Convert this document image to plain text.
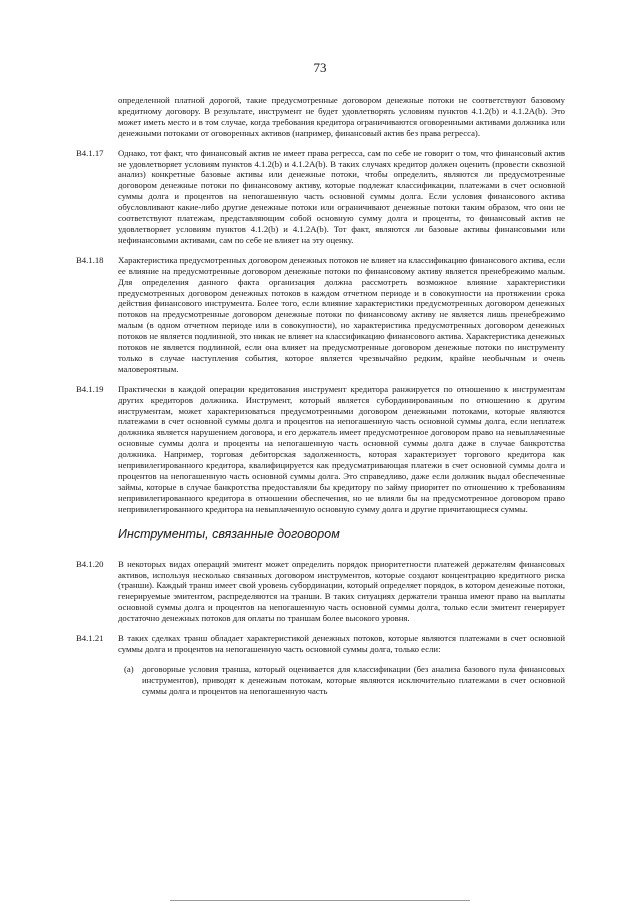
73
определенной платной дорогой, такие предусмотренные договором денежные потоки не соответствуют базовому кредитному договору. В результате, инструмент не будет удовлетворять условиям пунктов 4.1.2(b) и 4.1.2A(b). Это может иметь место и в том случае, когда требования кредитора ограничиваются оговоренными активами должника или денежными потоками от оговоренных активов (например, финансовый актив без права регресса).
B4.1.17	Однако, тот факт, что финансовый актив не имеет права регресса, сам по себе не говорит о том, что финансовый актив не удовлетворяет условиям пунктов 4.1.2(b) и 4.1.2A(b). В таких случаях кредитор должен оценить (провести сквозной анализ) конкретные базовые активы или денежные потоки, чтобы определить, являются ли предусмотренные договором денежные потоки по финансовому активу, которые подлежат классификации, платежами в счет основной суммы долга и процентов на непогашенную часть основной суммы долга. Если условия финансового актива обусловливают какие-либо другие денежные потоки или ограничивают денежные потоки таким образом, что они не соответствуют платежам, представляющим собой основную сумму долга и проценты, то финансовый актив не удовлетворяет условиям пунктов 4.1.2(b) и 4.1.2A(b). Тот факт, являются ли базовые активы финансовыми или нефинансовыми активами, сам по себе не влияет на эту оценку.
B4.1.18	Характеристика предусмотренных договором денежных потоков не влияет на классификацию финансового актива, если ее влияние на предусмотренные договором денежные потоки по финансовому активу является пренебрежимо малым. Для определения данного факта организация должна рассмотреть возможное влияние характеристики предусмотренных договором денежных потоков в каждом отчетном периоде и в совокупности на протяжении срока действия финансового инструмента. Более того, если влияние характеристики предусмотренных договором денежных потоков на предусмотренные договором денежные потоки по финансовому активу не является лишь пренебрежимо малым (в одном отчетном периоде или в совокупности), но характеристика предусмотренных договором денежных потоков не является подлинной, это никак не влияет на классификацию финансового актива. Характеристика денежных потоков не является подлинной, если она влияет на предусмотренные договором денежные потоки по инструменту только в случае наступления события, которое является чрезвычайно редким, крайне необычным и очень маловероятным.
B4.1.19	Практически в каждой операции кредитования инструмент кредитора ранжируется по отношению к инструментам других кредиторов должника. Инструмент, который является субординированным по отношению к другим инструментам, может характеризоваться предусмотренными договором денежными потоками, которые являются платежами в счет основной суммы долга и процентов на непогашенную часть основной суммы долга, если неплатеж должника является нарушением договора, и его держатель имеет предусмотренное договором право на невыплаченные основные суммы долга и проценты на непогашенную часть основной суммы долга даже в случае банкротства должника. Например, торговая дебиторская задолженность, которая характеризует торгового кредитора как непривилегированного кредитора, квалифицируется как предусматривающая платежи в счет основной суммы долга и процентов на непогашенную часть основной суммы долга. Это справедливо, даже если должник выдал обеспеченные займы, которые в случае банкротства предоставляли бы кредитору по займу приоритет по отношению к требованиям непривилегированного кредитора в отношении обеспечения, но не влияли бы на предусмотренное договором право непривилегированного кредитора на невыплаченную основную сумму долга и другие причитающиеся суммы.
Инструменты, связанные договором
B4.1.20	В некоторых видах операций эмитент может определить порядок приоритетности платежей держателям финансовых активов, используя несколько связанных договором инструментов, которые создают концентрацию кредитного риска (транши). Каждый транш имеет свой уровень субординации, который определяет порядок, в котором денежные потоки, генерируемые эмитентом, распределяются на транши. В таких ситуациях держатели транша имеют право на выплаты основной суммы долга и процентов на непогашенную часть основной суммы долга, только если эмитент генерирует достаточно денежных потоков для оплаты по траншам более высокого уровня.
B4.1.21	В таких сделках транш обладает характеристикой денежных потоков, которые являются платежами в счет основной суммы долга и процентов на непогашенную часть основной суммы долга, только если:
(a) договорные условия транша, который оценивается для классификации (без анализа базового пула финансовых инструментов), приводят к денежным потокам, которые являются исключительно платежами в счет основной суммы долга и процентов на непогашенную часть
